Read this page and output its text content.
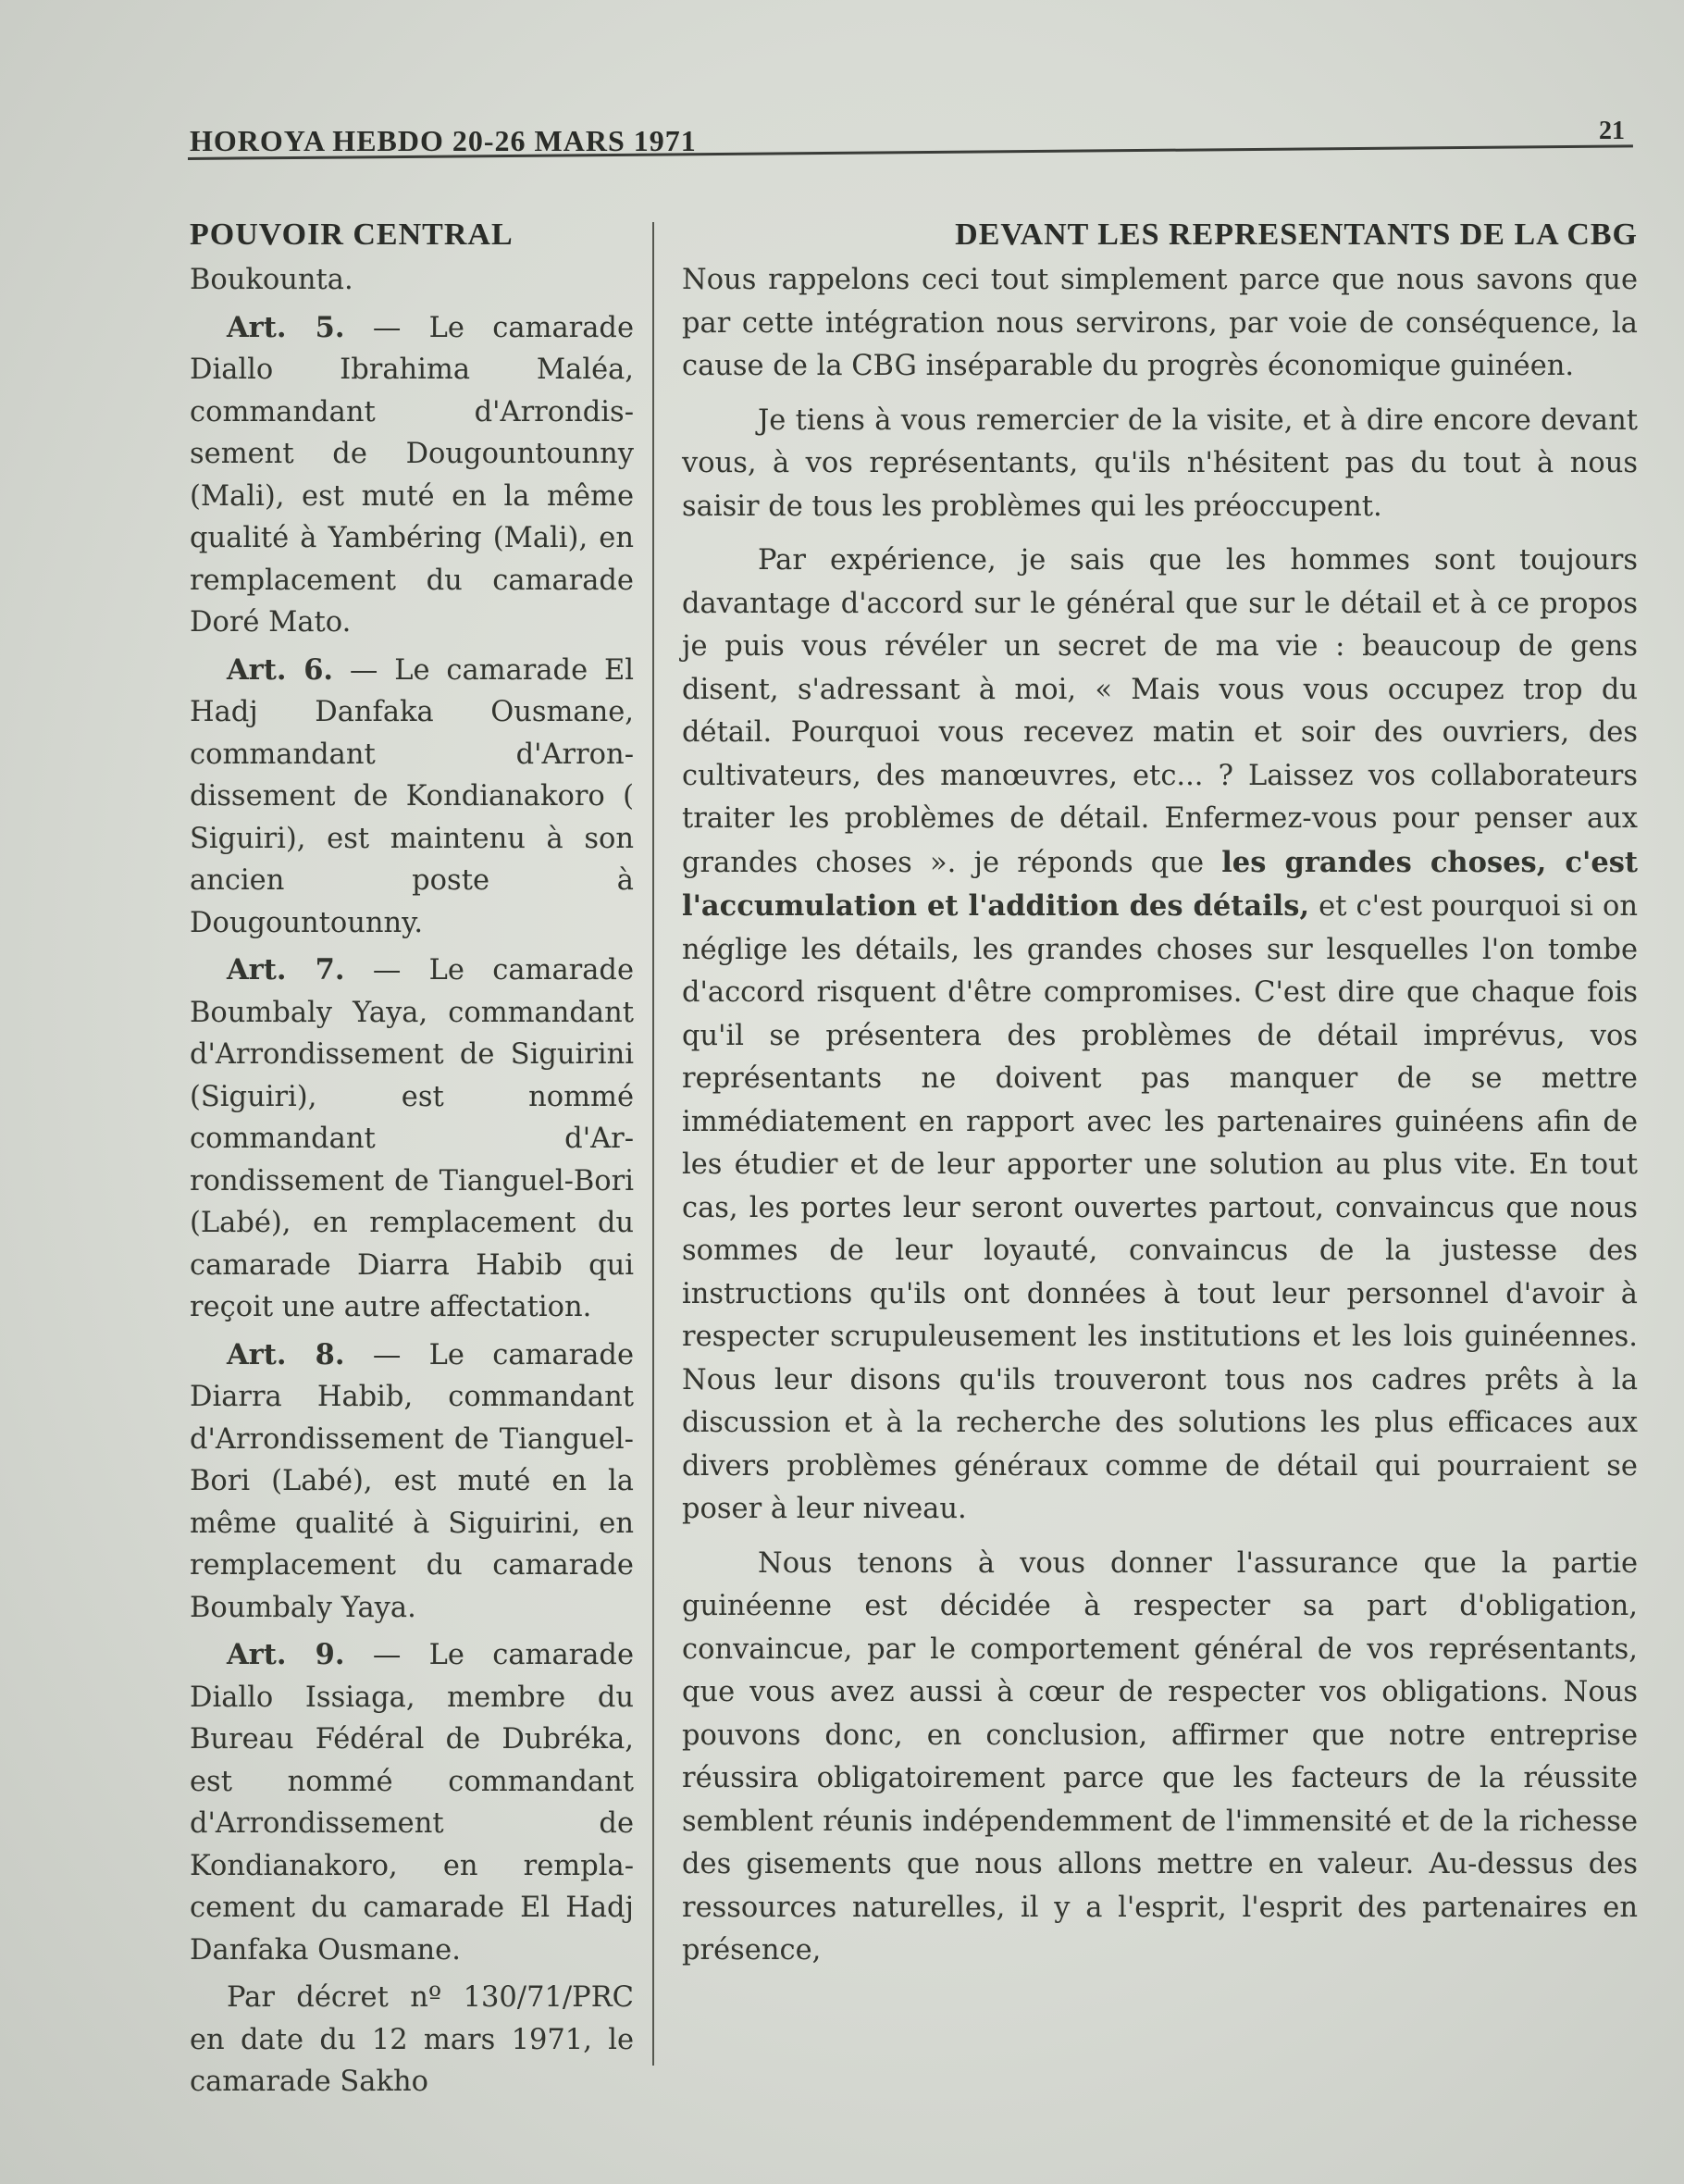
HOROYA HEBDO 20-26 MARS 1971	21
POUVOIR CENTRAL

Boukounta.

Art. 5. — Le camarade Diallo Ibrahima Maléa, commandant d'Arrondissement de Dougountounny (Mali), est muté en la même qualité à Yambéring (Mali), en remplacement du camarade Doré Mato.

Art. 6. — Le camarade El Hadj Danfaka Ousmane, commandant d'Arrondissement de Kondianakoro ( Siguiri), est maintenu à son ancien poste à Dougountounny.

Art. 7. — Le camarade Boumbaly Yaya, commandant d'Arrondissement de Siguirini (Siguiri), est nommé commandant d'Arrondissement de Tianguel-Bori (Labé), en remplacement du camarade Diarra Habib qui reçoit une autre affectation.

Art. 8. — Le camarade Diarra Habib, commandant d'Arrondissement de Tianguel-Bori (Labé), est muté en la même qualité à Siguirini, en remplacement du camarade Boumbaly Yaya.

Art. 9. — Le camarade Diallo Issiaga, membre du Bureau Fédéral de Dubréka, est nommé commandant d'Arrondissement de Kondianakoro, en remplacement du camarade El Hadj Danfaka Ousmane.

Par décret nº 130/71/PRC en date du 12 mars 1971, le camarade Sakho

DEVANT LES REPRESENTANTS DE LA CBG

Nous rappelons ceci tout simplement parce que nous savons que par cette intégration nous servirons, par voie de conséquence, la cause de la CBG inséparable du progrès économique guinéen.

Je tiens à vous remercier de la visite, et à dire encore devant vous, à vos représentants, qu'ils n'hésitent pas du tout à nous saisir de tous les problèmes qui les préoccupent.

Par expérience, je sais que les hommes sont toujours davantage d'accord sur le général que sur le détail et à ce propos je puis vous révéler un secret de ma vie : beaucoup de gens disent, s'adressant à moi, « Mais vous vous occupez trop du détail. Pourquoi vous recevez matin et soir des ouvriers, des cultivateurs, des manœuvres, etc... ? Laissez vos collaborateurs traiter les problèmes de détail. Enfermez-vous pour penser aux grandes choses ». je réponds que les grandes choses, c'est l'accumulation et l'addition des détails, et c'est pourquoi si on néglige les détails, les grandes choses sur lesquelles l'on tombe d'accord risquent d'être compromises. C'est dire que chaque fois qu'il se présentera des problèmes de détail imprévus, vos représentants ne doivent pas manquer de se mettre immédiatement en rapport avec les partenaires guinéens afin de les étudier et de leur apporter une solution au plus vite. En tout cas, les portes leur seront ouvertes partout, convaincus que nous sommes de leur loyauté, convaincus de la justesse des instructions qu'ils ont données à tout leur personnel d'avoir à respecter scrupuleusement les institutions et les lois guinéennes. Nous leur disons qu'ils trouveront tous nos cadres prêts à la discussion et à la recherche des solutions les plus efficaces aux divers problèmes généraux comme de détail qui pourraient se poser à leur niveau.

Nous tenons à vous donner l'assurance que la partie guinéenne est décidée à respecter sa part d'obligation, convaincue, par le comportement général de vos représentants, que vous avez aussi à cœur de respecter vos obligations. Nous pouvons donc, en conclusion, affirmer que notre entreprise réussira obligatoirement parce que les facteurs de la réussite semblent réunis indépendemment de l'immensité et de la richesse des gisements que nous allons mettre en valeur. Au-dessus des ressources naturelles, il y a l'esprit, l'esprit des partenaires en présence,
